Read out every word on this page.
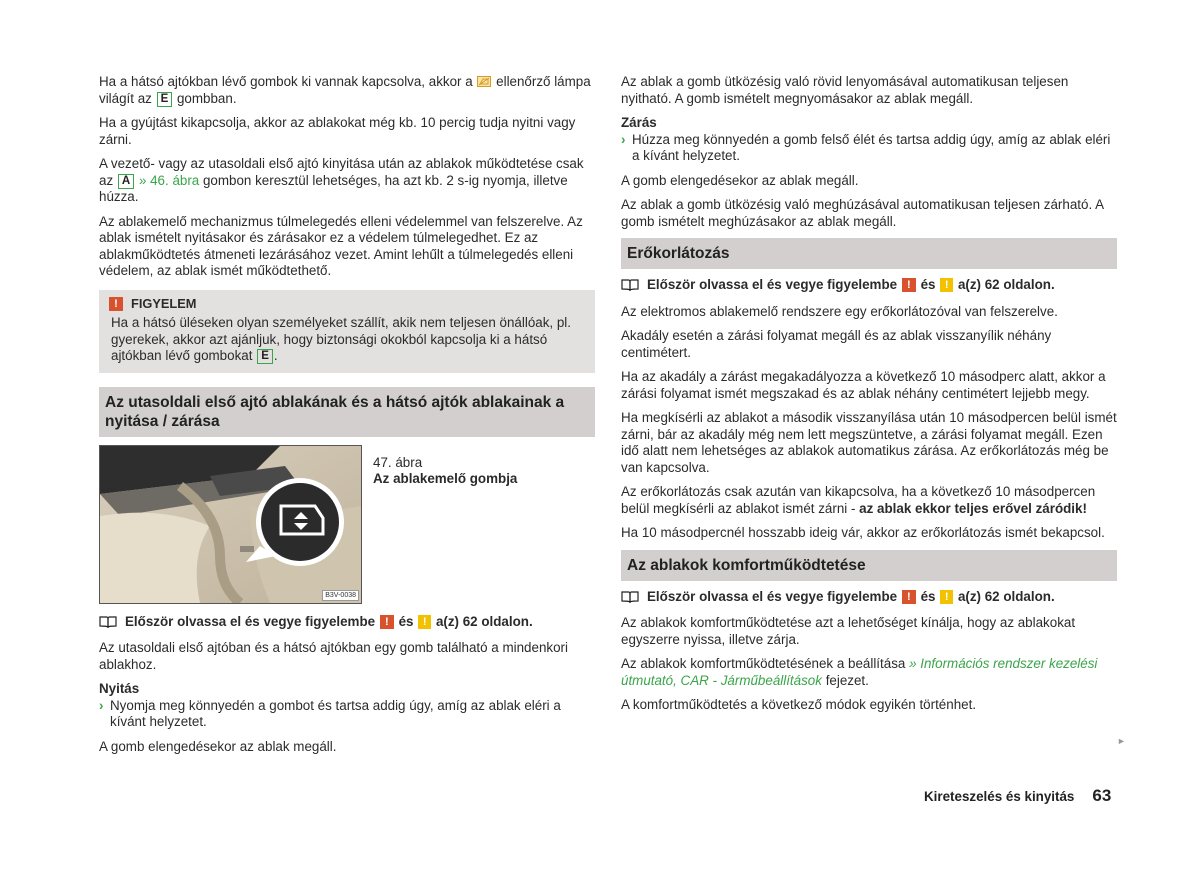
Ha a hátsó ajtókban lévő gombok ki vannak kapcsolva, akkor a ellenőrző lámpa világít az E gombban.

Ha a gyújtást kikapcsolja, akkor az ablakokat még kb. 10 percig tudja nyitni vagy zárni.

A vezető- vagy az utasoldali első ajtó kinyitása után az ablakok működtetése csak az A » 46. ábra gombon keresztül lehetséges, ha azt kb. 2 s-ig nyomja, illetve húzza.

Az ablakemelő mechanizmus túlmelegedés elleni védelemmel van felszerelve. Az ablak ismételt nyitásakor és zárásakor ez a védelem túlmelegedhet. Ez az ablakműködtetés átmeneti lezárásához vezet. Amint lehűlt a túlmelegedés elleni védelem, az ablak ismét működtethető.

!	FIGYELEM
Ha a hátsó üléseken olyan személyeket szállít, akik nem teljesen önállóak, pl. gyerekek, akkor azt ajánljuk, hogy biztonsági okokból kapcsolja ki a hátsó ajtókban lévő gombokat E .
Az utasoldali első ajtó ablakának és a hátsó ajtók ablakainak a nyitása / zárása
B3V-0038
47. ábra
Az ablakemelő gombja
Először olvassa el és vegye figyelembe
!
és
!
a(z) 62 oldalon.

Az utasoldali első ajtóban és a hátsó ajtókban egy gomb található a mindenkori ablakhoz.

Nyitás
› Nyomja meg könnyedén a gombot és tartsa addig úgy, amíg az ablak eléri a kívánt helyzetet.

A gomb elengedésekor az ablak megáll.

Az ablak a gomb ütközésig való rövid lenyomásával automatikusan teljesen nyitható. A gomb ismételt megnyomásakor az ablak megáll.

Zárás
› Húzza meg könnyedén a gomb felső élét és tartsa addig úgy, amíg az ablak eléri a kívánt helyzetet.

A gomb elengedésekor az ablak megáll.

Az ablak a gomb ütközésig való meghúzásával automatikusan teljesen zárható. A gomb ismételt meghúzásakor az ablak megáll.

Erőkorlátozás
Először olvassa el és vegye figyelembe
!
és
!
a(z) 62 oldalon.

Az elektromos ablakemelő rendszere egy erőkorlátozóval van felszerelve.

Akadály esetén a zárási folyamat megáll és az ablak visszanyílik néhány centimétert.

Ha az akadály a zárást megakadályozza a következő 10 másodperc alatt, akkor a zárási folyamat ismét megszakad és az ablak néhány centimétert lejjebb megy.

Ha megkísérli az ablakot a második visszanyílása után 10 másodpercen belül ismét zárni, bár az akadály még nem lett megszüntetve, a zárási folyamat megáll. Ezen idő alatt nem lehetséges az ablakok automatikus zárása. Az erőkorlátozás még be van kapcsolva.

Az erőkorlátozás csak azután van kikapcsolva, ha a következő 10 másodpercen belül megkísérli az ablakot ismét zárni - az ablak ekkor teljes erővel záródik!

Ha 10 másodpercnél hosszabb ideig vár, akkor az erőkorlátozás ismét bekapcsol.

Az ablakok komfortműködtetése
Először olvassa el és vegye figyelembe
!
és
!
a(z) 62 oldalon.

Az ablakok komfortműködtetése azt a lehetőséget kínálja, hogy az ablakokat egyszerre nyissa, illetve zárja.

Az ablakok komfortműködtetésének a beállítása » Információs rendszer kezelési útmutató, CAR - Járműbeállítások fejezet.

A komfortműködtetés a következő módok egyikén történhet.

►
Kireteszelés és kinyitás 63
